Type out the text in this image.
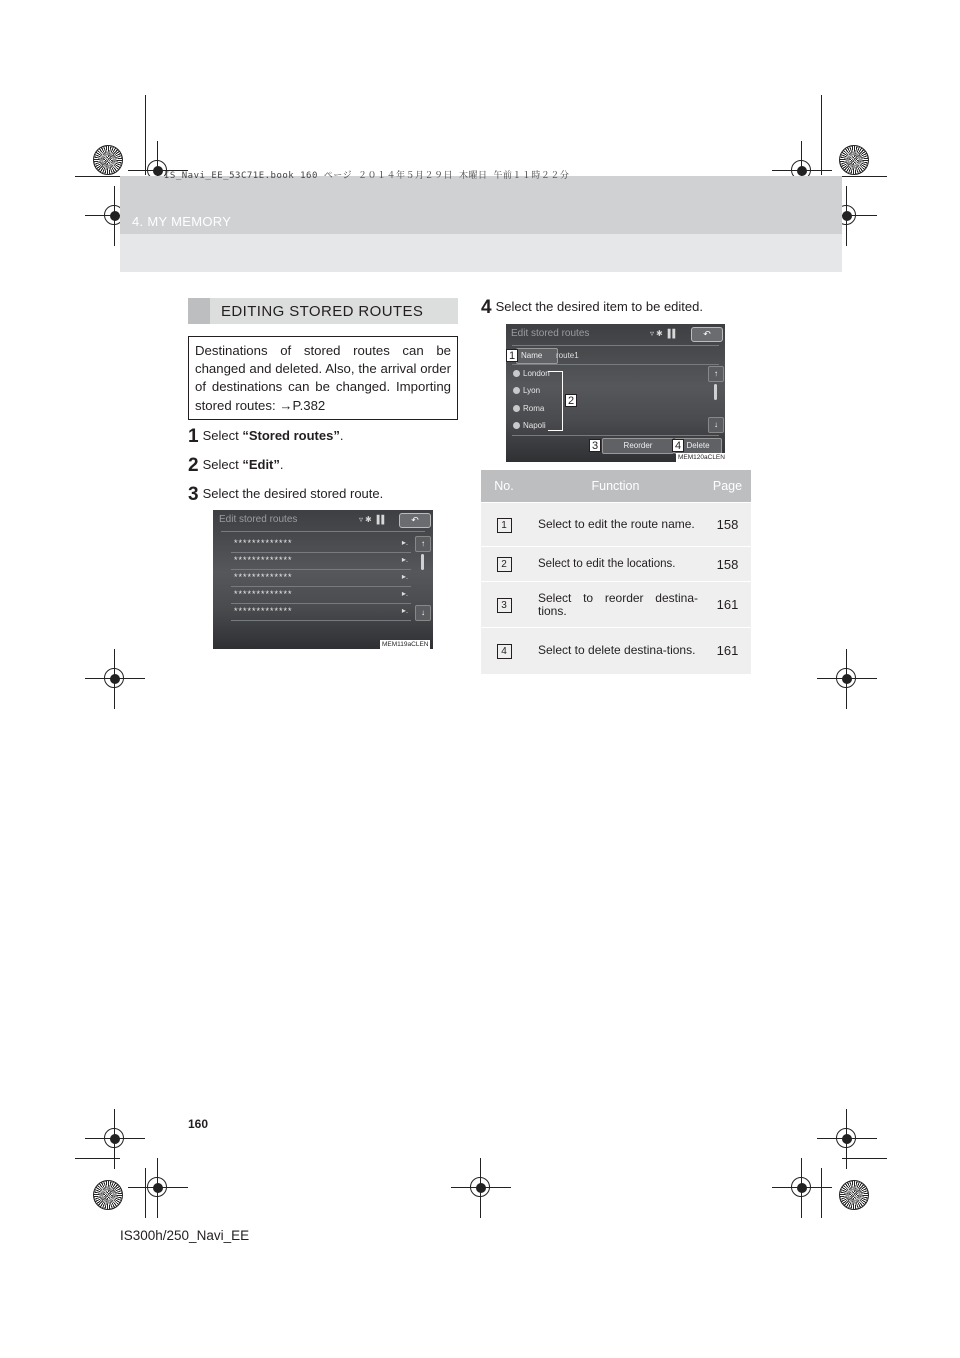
4. MY MEMORY
IS_Navi_EE_53C71E.book 160 ページ ２０１４年５月２９日 木曜日 午前１１時２２分
EDITING STORED ROUTES

Destinations of stored routes can be changed and deleted. Also, the arrival order of destinations can be changed. Importing stored routes: →P.382

1 Select “Stored routes”.
2 Select “Edit”.
3 Select the desired stored route.
Edit stored routes	▿✱▐▌	↶
*************	▸.
*************	▸.
*************	▸.
*************	▸.
*************	▸.
↑
↓
MEM119aCLEN
4 Select the desired item to be edited.
Edit stored routes	▿✱▐▌	↶
Name	route1
London
Lyon
Roma
Napoli
↑
↓
Reorder	Delete
MEM120aCLEN
1
2
3	4
No.	Function	Page
1	Select to edit the route name.	158
2	Select to edit the locations.	158
3	Select to reorder destina-tions.	161
4	Select to delete destina-tions.	161
160
IS300h/250_Navi_EE
